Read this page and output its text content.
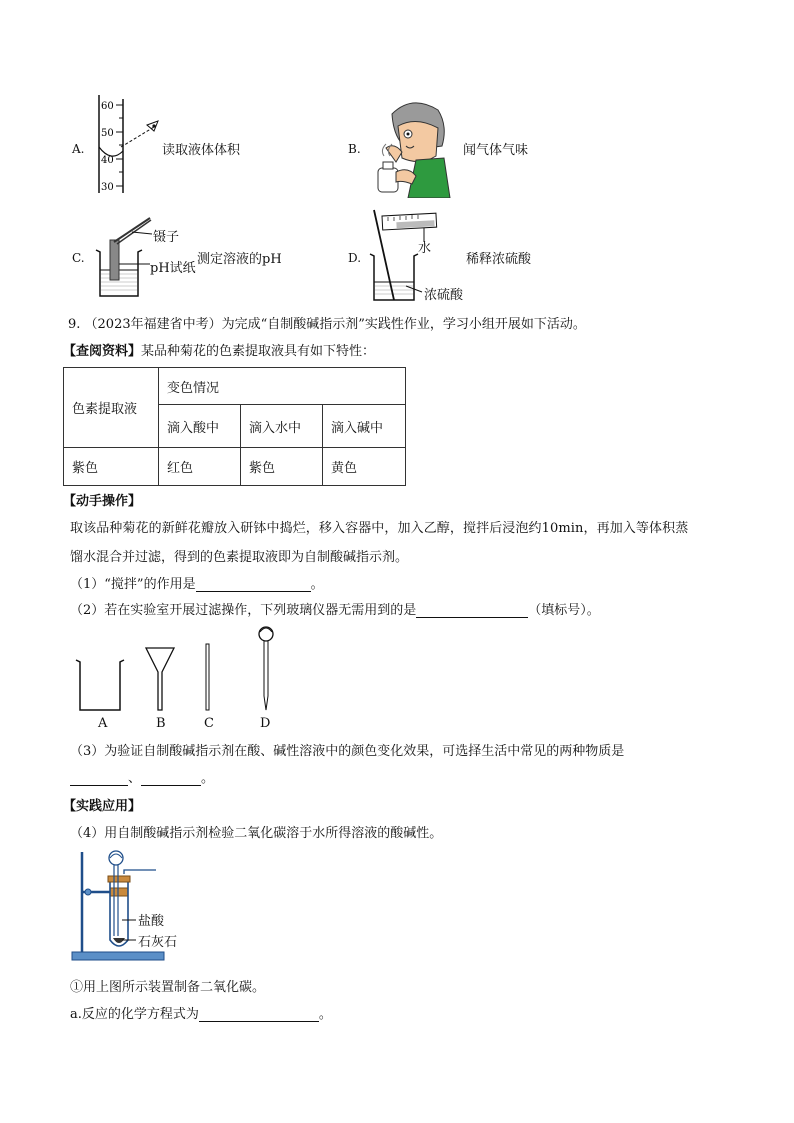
A.
60
50
40
30
读取液体体积	B.	闻气体气味
C.
镊子
pH试纸
测定溶液的pH	D.
水
浓硫酸
稀释浓硫酸
9. （2023年福建省中考）为完成“自制酸碱指示剂”实践性作业，学习小组开展如下活动。
【查阅资料】某品种菊花的色素提取液具有如下特性：
色素提取液	变色情况		
	滴入酸中	滴入水中	滴入碱中
紫色	红色	紫色	黄色
【动手操作】
取该品种菊花的新鲜花瓣放入研钵中捣烂，移入容器中，加入乙醇，搅拌后浸泡约10min，再加入等体积蒸
馏水混合并过滤，得到的色素提取液即为自制酸碱指示剂。
（1）“搅拌”的作用是	。
（2）若在实验室开展过滤操作，下列玻璃仪器无需用到的是	（填标号）。
A	B	C	D
（3）为验证自制酸碱指示剂在酸、碱性溶液中的颜色变化效果，可选择生活中常见的两种物质是
、	。
【实践应用】
（4）用自制酸碱指示剂检验二氧化碳溶于水所得溶液的酸碱性。
盐酸
石灰石
①用上图所示装置制备二氧化碳。
a.反应的化学方程式为	。
